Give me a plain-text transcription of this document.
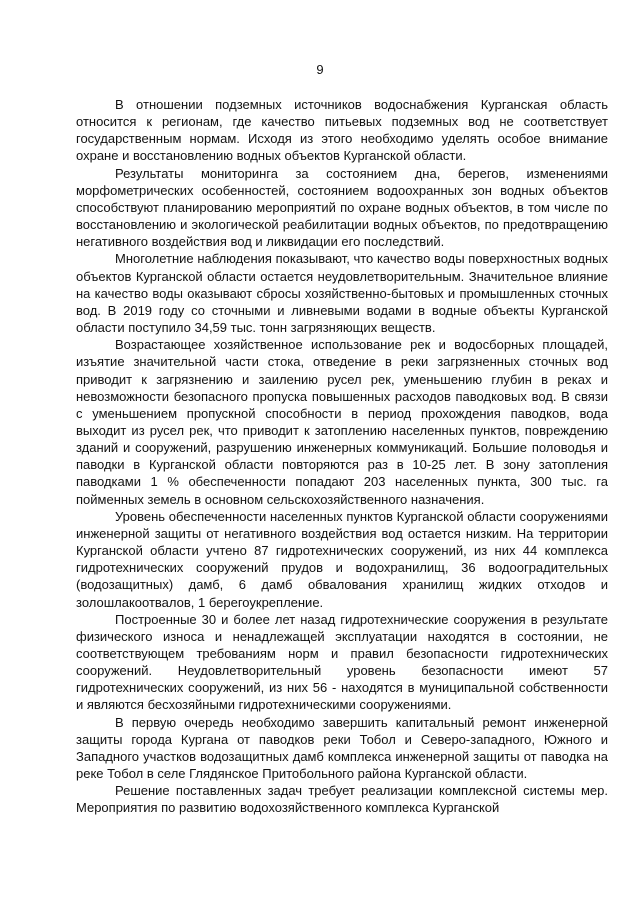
9

В отношении подземных источников водоснабжения Курганская область относится к регионам, где качество питьевых подземных вод не соответствует государственным нормам. Исходя из этого необходимо уделять особое внимание охране и восстановлению водных объектов Курганской области.

Результаты мониторинга за состоянием дна, берегов, изменениями морфометрических особенностей, состоянием водоохранных зон водных объектов способствуют планированию мероприятий по охране водных объектов, в том числе по восстановлению и экологической реабилитации водных объектов, по предотвращению негативного воздействия вод и ликвидации его последствий.

Многолетние наблюдения показывают, что качество воды поверхностных водных объектов Курганской области остается неудовлетворительным. Значительное влияние на качество воды оказывают сбросы хозяйственно-бытовых и промышленных сточных вод. В 2019 году со сточными и ливневыми водами в водные объекты Курганской области поступило 34,59 тыс. тонн загрязняющих веществ.

Возрастающее хозяйственное использование рек и водосборных площадей, изъятие значительной части стока, отведение в реки загрязненных сточных вод приводит к загрязнению и заилению русел рек, уменьшению глубин в реках и невозможности безопасного пропуска повышенных расходов паводковых вод. В связи с уменьшением пропускной способности в период прохождения паводков, вода выходит из русел рек, что приводит к затоплению населенных пунктов, повреждению зданий и сооружений, разрушению инженерных коммуникаций. Большие половодья и паводки в Курганской области повторяются раз в 10-25 лет. В зону затопления паводками 1 % обеспеченности попадают 203 населенных пункта, 300 тыс. га пойменных земель в основном сельскохозяйственного назначения.

Уровень обеспеченности населенных пунктов Курганской области сооружениями инженерной защиты от негативного воздействия вод остается низким. На территории Курганской области учтено 87 гидротехнических сооружений, из них 44 комплекса гидротехнических сооружений прудов и водохранилищ, 36 водооградительных (водозащитных) дамб, 6 дамб обвалования хранилищ жидких отходов и золошлакоотвалов, 1 берегоукрепление.

Построенные 30 и более лет назад гидротехнические сооружения в результате физического износа и ненадлежащей эксплуатации находятся в состоянии, не соответствующем требованиям норм и правил безопасности гидротехнических сооружений. Неудовлетворительный уровень безопасности имеют 57 гидротехнических сооружений, из них 56 - находятся в муниципальной собственности и являются бесхозяйными гидротехническими сооружениями.

В первую очередь необходимо завершить капитальный ремонт инженерной защиты города Кургана от паводков реки Тобол и Северо-западного, Южного и Западного участков водозащитных дамб комплекса инженерной защиты от паводка на реке Тобол в селе Глядянское Притобольного района Курганской области.

Решение поставленных задач требует реализации комплексной системы мер. Мероприятия по развитию водохозяйственного комплекса Курганской
